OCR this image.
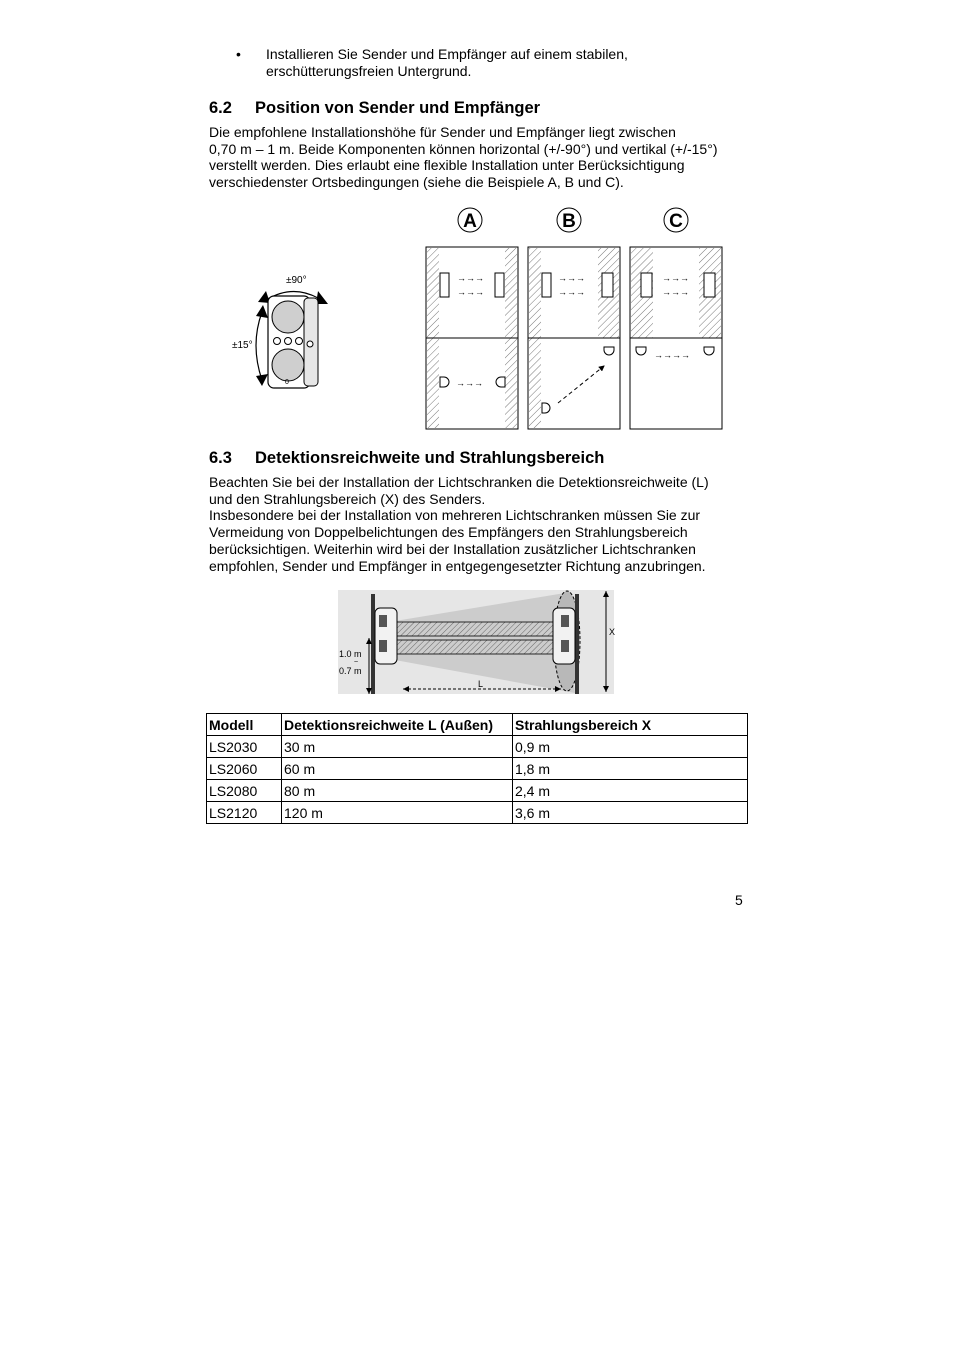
• Installieren Sie Sender und Empfänger auf einem stabilen,
erschütterungsfreien Untergrund.
6.2 Position von Sender und Empfänger
Die empfohlene Installationshöhe für Sender und Empfänger liegt zwischen
0,70 m – 1 m. Beide Komponenten können horizontal (+/-90°) und vertikal (+/-15°)
verstellt werden. Dies erlaubt eine flexible Installation unter Berücksichtigung
verschiedenster Ortsbedingungen (siehe die Beispiele A, B und C).
±90°
±15°
0
A	B	C
→→→
→→→
→→→
→→→
→→→
→→→
→→→
→→→→
6.3 Detektionsreichweite und Strahlungsbereich
Beachten Sie bei der Installation der Lichtschranken die Detektionsreichweite (L)
und den Strahlungsbereich (X) des Senders.
Insbesondere bei der Installation von mehreren Lichtschranken müssen Sie zur
Vermeidung von Doppelbelichtungen des Empfängers den Strahlungsbereich
berücksichtigen. Weiterhin wird bei der Installation zusätzlicher Lichtschranken
empfohlen, Sender und Empfänger in entgegengesetzter Richtung anzubringen.
1.0 m
~
0.7 m
L
X
Modell	Detektionsreichweite L (Außen)	Strahlungsbereich X
LS2030	30 m	0,9 m
LS2060	60 m	1,8 m
LS2080	80 m	2,4 m
LS2120	120 m	3,6 m
5
